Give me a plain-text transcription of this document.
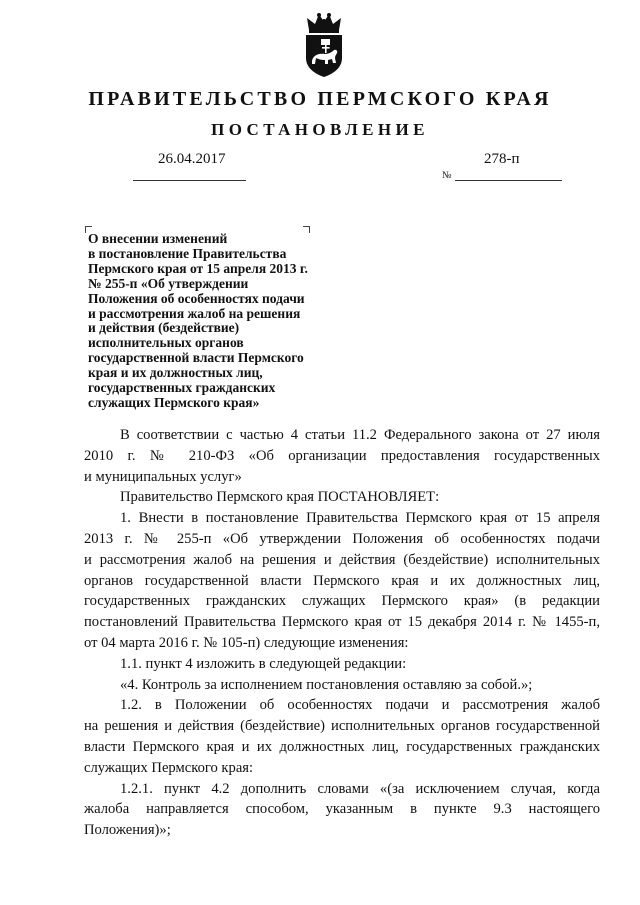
ПРАВИТЕЛЬСТВО ПЕРМСКОГО КРАЯ
ПОСТАНОВЛЕНИЕ
26.04.2017	278-п
№
О внесении изменений
в постановление Правительства
Пермского края от 15 апреля 2013 г.
№ 255-п «Об утверждении
Положения об особенностях подачи
и рассмотрения жалоб на решения
и действия (бездействие)
исполнительных органов
государственной власти Пермского
края и их должностных лиц,
государственных гражданских
служащих Пермского края»
В соответствии с частью 4 статьи 11.2 Федерального закона от 27 июля
2010 г. № 210-ФЗ «Об организации предоставления государственных
и муниципальных услуг»
Правительство Пермского края ПОСТАНОВЛЯЕТ:
1. Внести в постановление Правительства Пермского края от 15 апреля
2013 г. № 255-п «Об утверждении Положения об особенностях подачи
и рассмотрения жалоб на решения и действия (бездействие) исполнительных
органов государственной власти Пермского края и их должностных лиц,
государственных гражданских служащих Пермского края» (в редакции
постановлений Правительства Пермского края от 15 декабря 2014 г. № 1455-п,
от 04 марта 2016 г. № 105-п) следующие изменения:
1.1. пункт 4 изложить в следующей редакции:
«4. Контроль за исполнением постановления оставляю за собой.»;
1.2. в Положении об особенностях подачи и рассмотрения жалоб
на решения и действия (бездействие) исполнительных органов государственной
власти Пермского края и их должностных лиц, государственных гражданских
служащих Пермского края:
1.2.1. пункт 4.2 дополнить словами «(за исключением случая, когда
жалоба направляется способом, указанным в пункте 9.3 настоящего
Положения)»;
